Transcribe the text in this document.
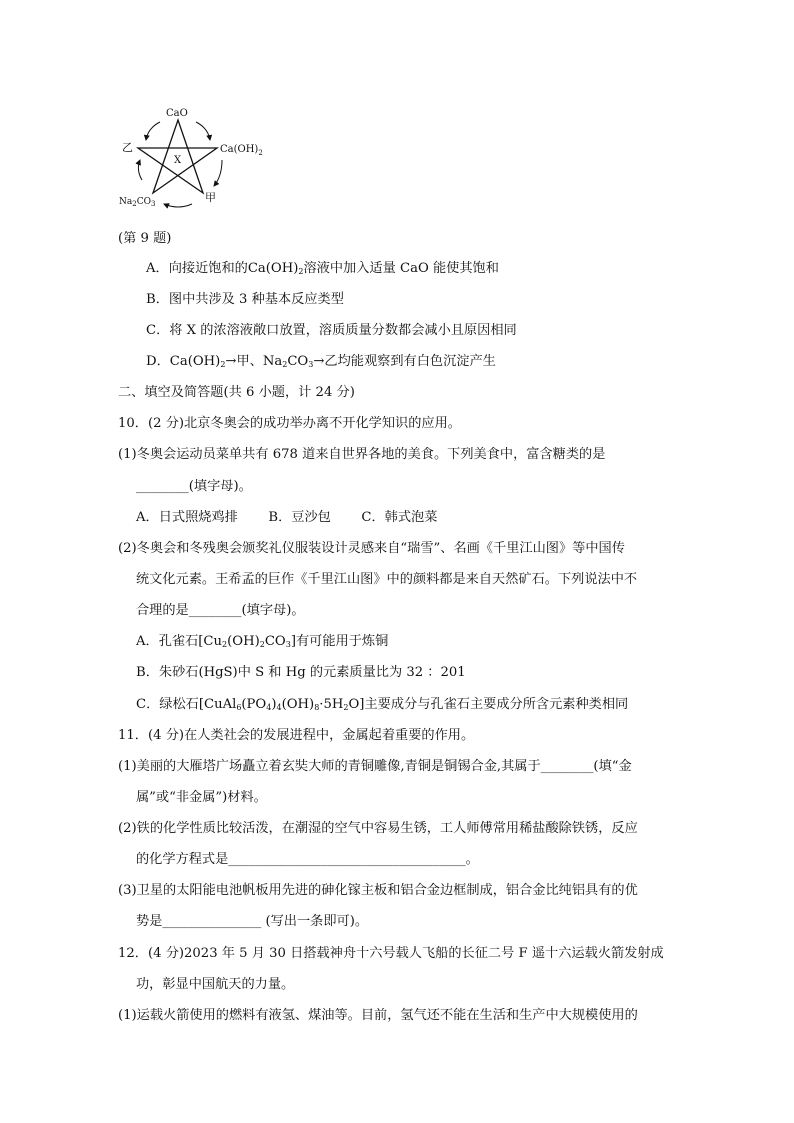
CaO
$Ca(OH)_2$
乙
X
甲
$Na_2CO_3$
(第 9 题)
A．向接近饱和的$Ca(OH)_2$溶液中加入适量 CaO 能使其饱和
B．图中共涉及 3 种基本反应类型
C．将 X 的浓溶液敞口放置，溶质质量分数都会减小且原因相同
D．$Ca(OH)_2\to$甲、$Na_2CO_3\to$乙均能观察到有白色沉淀产生
二、填空及简答题(共 6 小题，计 24 分)
10．(2 分)北京冬奥会的成功举办离不开化学知识的应用。
(1)冬奥会运动员菜单共有 678 道来自世界各地的美食。下列美食中，富含糖类的是
________(填字母)。
A．日式照烧鸡排　　 B．豆沙包　　 C．韩式泡菜
(2)冬奥会和冬残奥会颁奖礼仪服装设计灵感来自“瑞雪”、名画《千里江山图》等中国传
统文化元素。王希孟的巨作《千里江山图》中的颜料都是来自天然矿石。下列说法中不
合理的是________(填字母)。
A．孔雀石$[Cu_2(OH)_2CO_3]$有可能用于炼铜
B．朱砂石(HgS)中 S 和 Hg 的元素质量比为 32 ：201
C．绿松石$[CuAl_6(PO_4)_4(OH)_8\cdot 5H_2O]$主要成分与孔雀石主要成分所含元素种类相同
11．(4 分)在人类社会的发展进程中，金属起着重要的作用。
(1)美丽的大雁塔广场矗立着玄奘大师的青铜雕像,青铜是铜锡合金,其属于________(填“金
属”或“非金属”)材料。
(2)铁的化学性质比较活泼，在潮湿的空气中容易生锈，工人师傅常用稀盐酸除铁锈，反应
的化学方程式是____________________________________。
(3)卫星的太阳能电池帆板用先进的砷化镓主板和铝合金边框制成，铝合金比纯铝具有的优
势是_______________ (写出一条即可)。
12．(4 分)2023 年 5 月 30 日搭载神舟十六号载人飞船的长征二号 F 遥十六运载火箭发射成
功，彰显中国航天的力量。
(1)运载火箭使用的燃料有液氢、煤油等。目前，氢气还不能在生活和生产中大规模使用的
